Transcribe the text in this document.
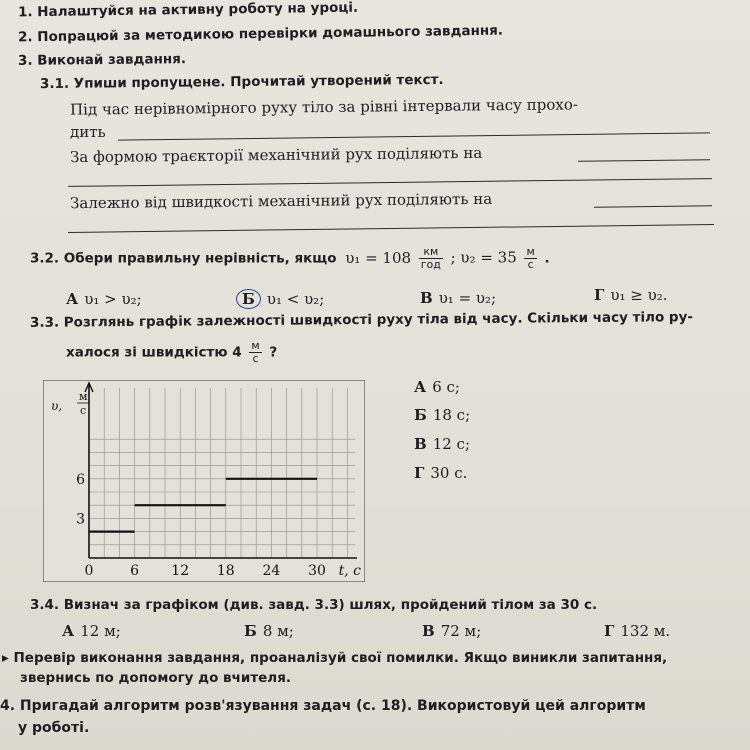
1. Налаштуйся на активну роботу на уроці.
2. Попрацюй за методикою перевірки домашнього завдання.
3. Виконай завдання.
3.1. Упиши пропущене. Прочитай утворений текст.
Під час нерівномірного руху тіло за рівні інтервали часу прохо-
дить
За формою траєкторії механічний рух поділяють на
Залежно від швидкості механічний рух поділяють на
3.2. Обери правильну нерівність, якщо $\upsilon_1 = 108 \frac{км}{\text{год}}$ ; $\upsilon_2 = 35 \frac{м}{с}$ .
А υ₁ > υ₂;	Б υ₁ < υ₂;	В υ₁ = υ₂;	Г υ₁ ≥ υ₂.
3.3. Розглянь графік залежності швидкості руху тіла від часу. Скільки часу тіло ру-
халося зі швидкістю $4 \frac{м}{с}$ ?
0	6 12 18 24 30
3
6
t, с
υ,
м
с
А 6 с;
Б 18 с;
В 12 с;
Г 30 с.
3.4. Визнач за графіком (див. завд. 3.3) шлях, пройдений тілом за 30 с.
А 12 м;	Б 8 м;	В 72 м;	Г 132 м.
▸ Перевір виконання завдання, проаналізуй свої помилки. Якщо виникли запитання,
звернись по допомогу до вчителя.
4. Пригадай алгоритм розв'язування задач (с. 18). Використовуй цей алгоритм
у роботі.
